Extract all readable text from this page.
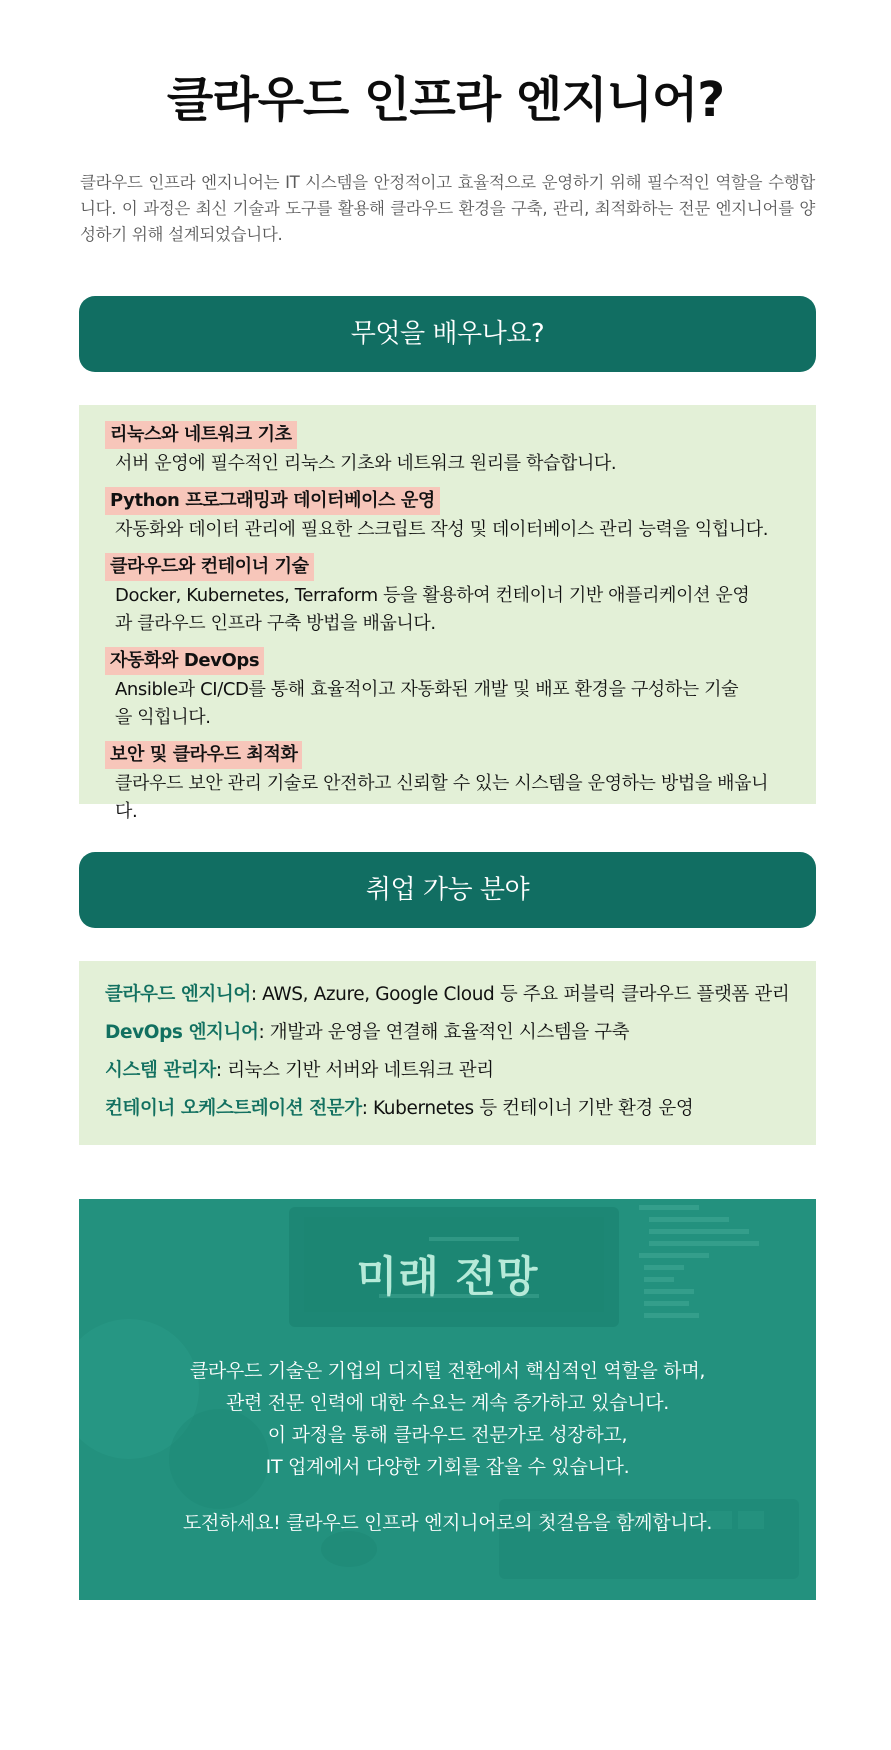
클라우드 인프라 엔지니어?

클라우드 인프라 엔지니어는 IT 시스템을 안정적이고 효율적으로 운영하기 위해 필수적인 역할을 수행합니다. 이 과정은 최신 기술과 도구를 활용해 클라우드 환경을 구축, 관리, 최적화하는 전문 엔지니어를 양성하기 위해 설계되었습니다.

무엇을 배우나요?
리눅스와 네트워크 기초
서버 운영에 필수적인 리눅스 기초와 네트워크 원리를 학습합니다.
Python 프로그래밍과 데이터베이스 운영
자동화와 데이터 관리에 필요한 스크립트 작성 및 데이터베이스 관리 능력을 익힙니다.
클라우드와 컨테이너 기술
Docker, Kubernetes, Terraform 등을 활용하여 컨테이너 기반 애플리케이션 운영과 클라우드 인프라 구축 방법을 배웁니다.
자동화와 DevOps
Ansible과 CI/CD를 통해 효율적이고 자동화된 개발 및 배포 환경을 구성하는 기술을 익힙니다.
보안 및 클라우드 최적화
클라우드 보안 관리 기술로 안전하고 신뢰할 수 있는 시스템을 운영하는 방법을 배웁니다.
취업 가능 분야
클라우드 엔지니어: AWS, Azure, Google Cloud 등 주요 퍼블릭 클라우드 플랫폼 관리
DevOps 엔지니어: 개발과 운영을 연결해 효율적인 시스템을 구축
시스템 관리자: 리눅스 기반 서버와 네트워크 관리
컨테이너 오케스트레이션 전문가: Kubernetes 등 컨테이너 기반 환경 운영
미래 전망
클라우드 기술은 기업의 디지털 전환에서 핵심적인 역할을 하며,
관련 전문 인력에 대한 수요는 계속 증가하고 있습니다.
이 과정을 통해 클라우드 전문가로 성장하고,
IT 업계에서 다양한 기회를 잡을 수 있습니다.
도전하세요! 클라우드 인프라 엔지니어로의 첫걸음을 함께합니다.
